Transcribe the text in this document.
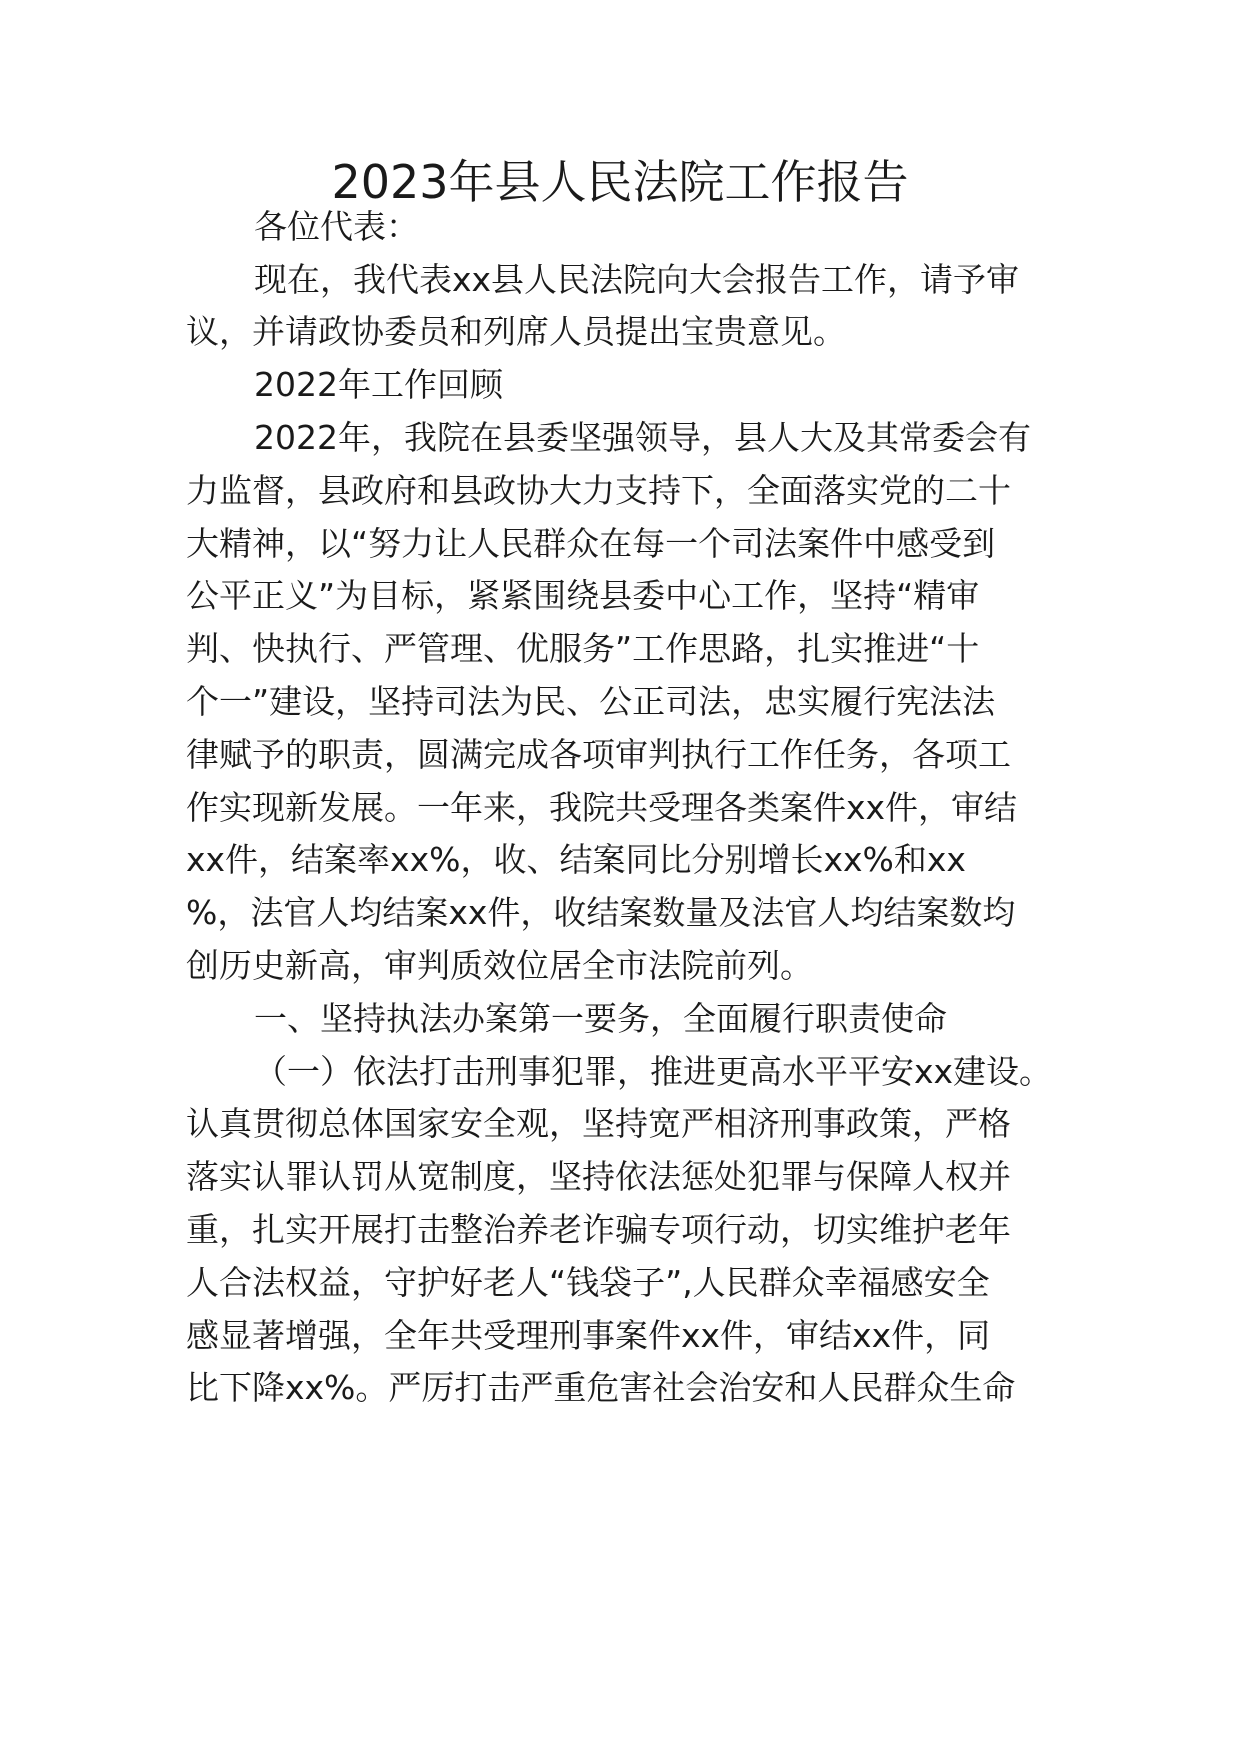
2023年县人民法院工作报告

各位代表：

现在，我代表xx县人民法院向大会报告工作，请予审

议，并请政协委员和列席人员提出宝贵意见。

2022年工作回顾

2022年，我院在县委坚强领导，县人大及其常委会有

力监督，县政府和县政协大力支持下，全面落实党的二十

大精神，以“努力让人民群众在每一个司法案件中感受到

公平正义”为目标，紧紧围绕县委中心工作，坚持“精审

判、快执行、严管理、优服务”工作思路，扎实推进“十

个一”建设，坚持司法为民、公正司法，忠实履行宪法法

律赋予的职责，圆满完成各项审判执行工作任务，各项工

作实现新发展。一年来，我院共受理各类案件xx件，审结

xx件，结案率xx%，收、结案同比分别增长xx%和xx

%，法官人均结案xx件，收结案数量及法官人均结案数均

创历史新高，审判质效位居全市法院前列。

一、坚持执法办案第一要务，全面履行职责使命

（一）依法打击刑事犯罪，推进更高水平平安xx建设。

认真贯彻总体国家安全观，坚持宽严相济刑事政策，严格

落实认罪认罚从宽制度，坚持依法惩处犯罪与保障人权并

重，扎实开展打击整治养老诈骗专项行动，切实维护老年

人合法权益，守护好老人“钱袋子”,人民群众幸福感安全

感显著增强，全年共受理刑事案件xx件，审结xx件，同

比下降xx%。严厉打击严重危害社会治安和人民群众生命
